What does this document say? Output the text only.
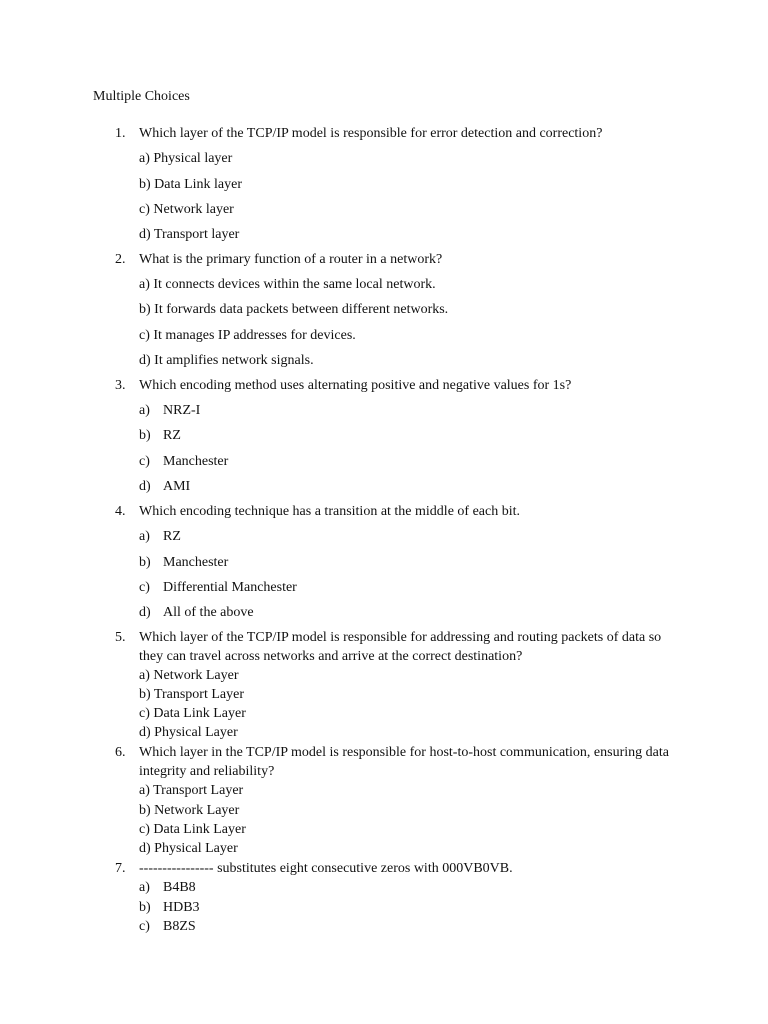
Multiple Choices
1. Which layer of the TCP/IP model is responsible for error detection and correction?
a) Physical layer
b) Data Link layer
c) Network layer
d) Transport layer
2. What is the primary function of a router in a network?
a) It connects devices within the same local network.
b) It forwards data packets between different networks.
c) It manages IP addresses for devices.
d) It amplifies network signals.
3. Which encoding method uses alternating positive and negative values for 1s?
a) NRZ-I
b) RZ
c) Manchester
d) AMI
4. Which encoding technique has a transition at the middle of each bit.
a) RZ
b) Manchester
c) Differential Manchester
d) All of the above
5. Which layer of the TCP/IP model is responsible for addressing and routing packets of data so they can travel across networks and arrive at the correct destination?
a) Network Layer
b) Transport Layer
c) Data Link Layer
d) Physical Layer
6. Which layer in the TCP/IP model is responsible for host-to-host communication, ensuring data integrity and reliability?
a) Transport Layer
b) Network Layer
c) Data Link Layer
d) Physical Layer
7. ---------------- substitutes eight consecutive zeros with 000VB0VB.
a) B4B8
b) HDB3
c) B8ZS
